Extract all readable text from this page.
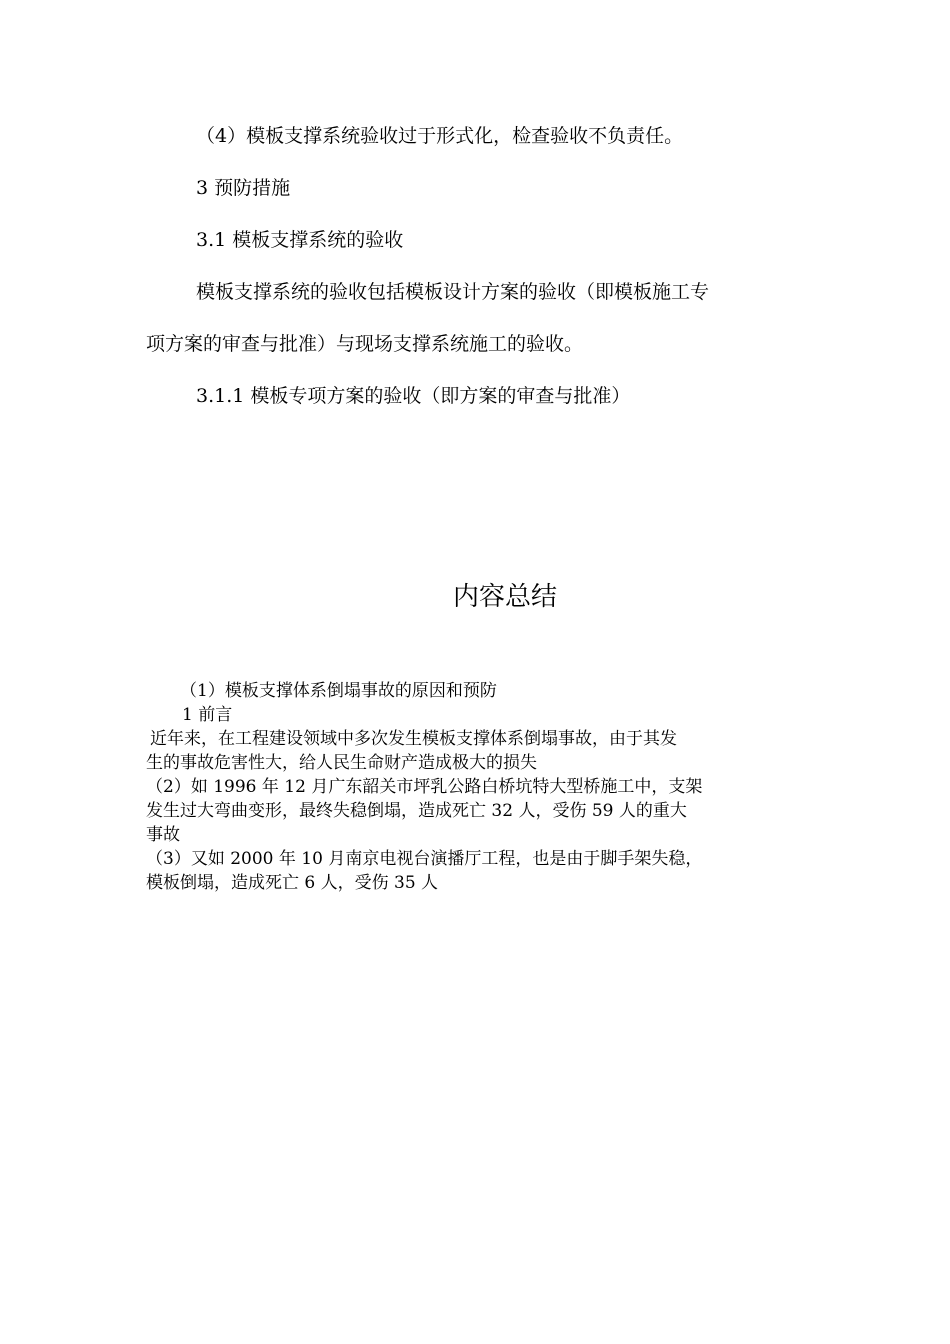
（4）模板支撑系统验收过于形式化，检查验收不负责任。
3 预防措施
3.1 模板支撑系统的验收
模板支撑系统的验收包括模板设计方案的验收（即模板施工专
项方案的审查与批准）与现场支撑系统施工的验收。
3.1.1 模板专项方案的验收（即方案的审查与批准）
内容总结
（1）模板支撑体系倒塌事故的原因和预防
1 前言
近年来，在工程建设领域中多次发生模板支撑体系倒塌事故，由于其发
生的事故危害性大，给人民生命财产造成极大的损失
（2）如 1996 年 12 月广东韶关市坪乳公路白桥坑特大型桥施工中，支架
发生过大弯曲变形，最终失稳倒塌，造成死亡 32 人，受伤 59 人的重大
事故
（3）又如 2000 年 10 月南京电视台演播厅工程，也是由于脚手架失稳，
模板倒塌，造成死亡 6 人，受伤 35 人
